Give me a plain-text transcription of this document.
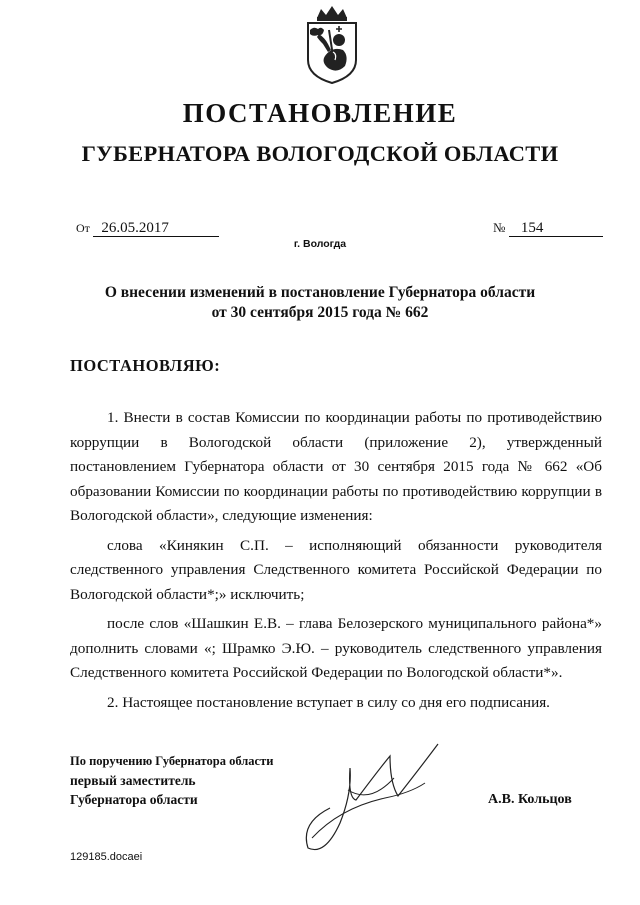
ПОСТАНОВЛЕНИЕ
ГУБЕРНАТОРА ВОЛОГОДСКОЙ ОБЛАСТИ
От 26.05.2017	№ 154
г. Вологда
О внесении изменений в постановление Губернатора области
от 30 сентября 2015 года № 662
ПОСТАНОВЛЯЮ:

1. Внести в состав Комиссии по координации работы по противодействию коррупции в Вологодской области (приложение 2), утвержденный постановлением Губернатора области от 30 сентября 2015 года № 662 «Об образовании Комиссии по координации работы по противодействию коррупции в Вологодской области», следующие изменения:

слова «Кинякин С.П. – исполняющий обязанности руководителя следственного управления Следственного комитета Российской Федерации по Вологодской области*;» исключить;

после слов «Шашкин Е.В. – глава Белозерского муниципального района*» дополнить словами «; Шрамко Э.Ю. – руководитель следственного управления Следственного комитета Российской Федерации по Вологодской области*».

2. Настоящее постановление вступает в силу со дня его подписания.

По поручению Губернатора области
первый заместитель
Губернатора области	А.В. Кольцов
129185.docaei
